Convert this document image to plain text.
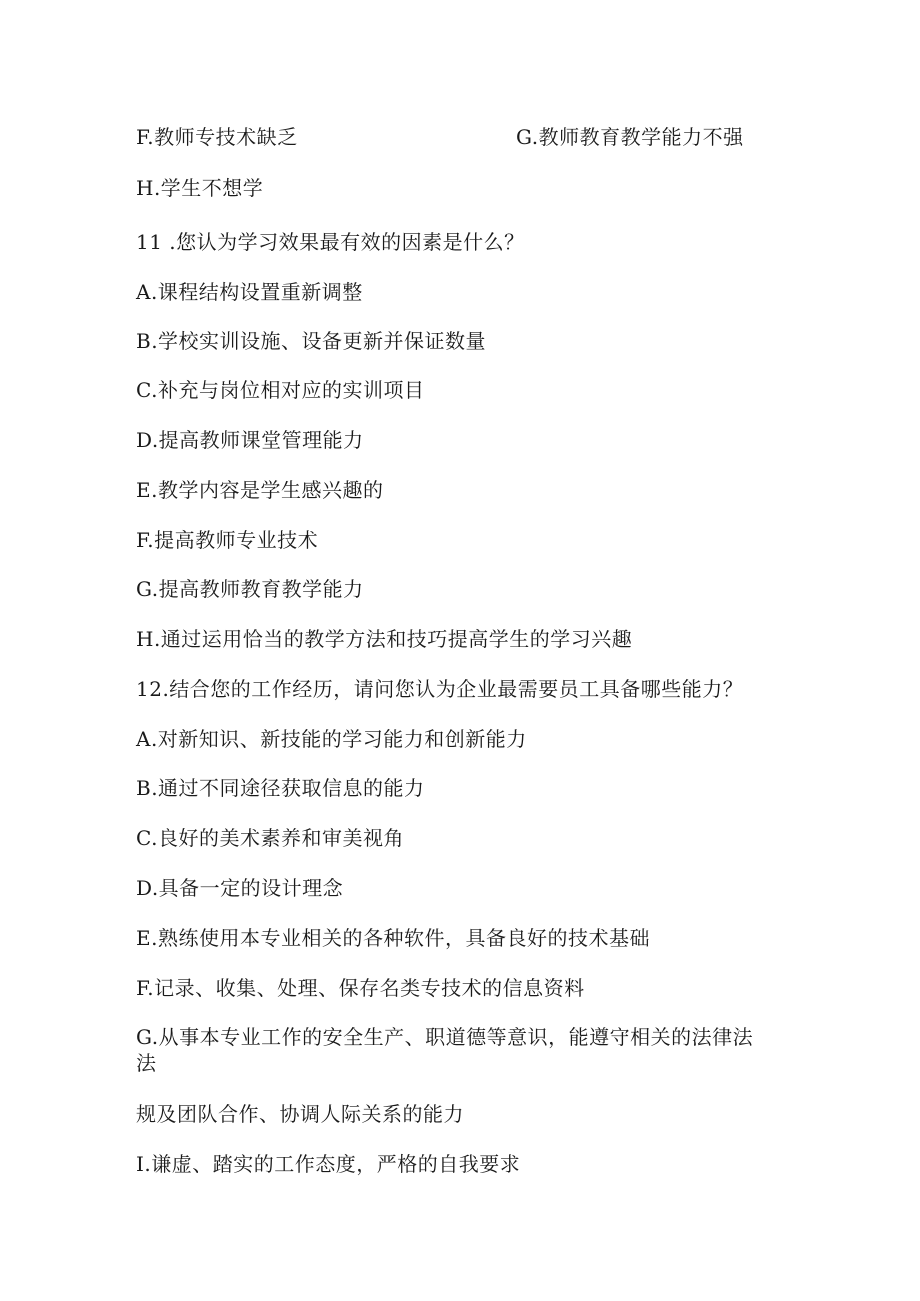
F.教师专技术缺乏	G.教师教育教学能力不强
H.学生不想学
11 .您认为学习效果最有效的因素是什么？
A.课程结构设置重新调整
B.学校实训设施、设备更新并保证数量
C.补充与岗位相对应的实训项目
D.提高教师课堂管理能力
E.教学内容是学生感兴趣的
F.提高教师专业技术
G.提高教师教育教学能力
H.通过运用恰当的教学方法和技巧提高学生的学习兴趣
12.结合您的工作经历，请问您认为企业最需要员工具备哪些能力？
A.对新知识、新技能的学习能力和创新能力
B.通过不同途径获取信息的能力
C.良好的美术素养和审美视角
D.具备一定的设计理念
E.熟练使用本专业相关的各种软件，具备良好的技术基础
F.记录、收集、处理、保存名类专技术的信息资料
G.从事本专业工作的安全生产、职道德等意识，能遵守相关的法律法
法
规及团队合作、协调人际关系的能力
I.谦虚、踏实的工作态度，严格的自我要求
